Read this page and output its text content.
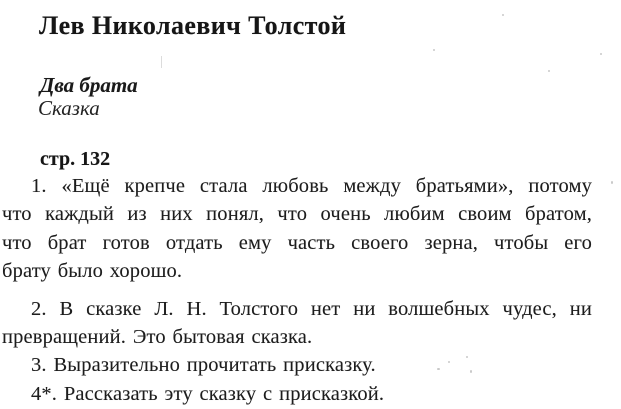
Лев Николаевич Толстой
Два брата
Сказка
стр. 132

1. «Ещё крепче стала любовь между братьями», потому
что каждый из них понял, что очень любим своим братом,
что брат готов отдать ему часть своего зерна, чтобы его
брату было хорошо.

2. В сказке Л. Н. Толстого нет ни волшебных чудес, ни
превращений. Это бытовая сказка.

3. Выразительно прочитать присказку.

4*. Рассказать эту сказку с присказкой.
